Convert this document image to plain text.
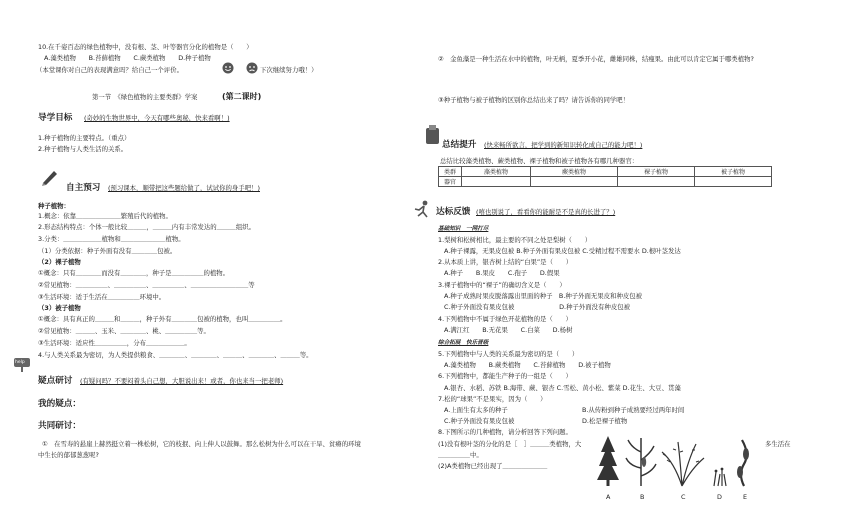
10.在千姿百态的绿色植物中，没有根、茎、叶等器官分化的植物是（　　）
A.藻类植物　　B.苔藓植物　　C.蕨类植物　　D.种子植物
（本堂课你对自己的表现满意吗？给自己一个评价。	下次继续努力哦！）
第一节　《绿色植物的主要类群》学案	(第二课时)
导学目标 (奇妙的生物世界中，今天有哪些奥秘，快来看啊！)
1.种子植物的主要特点。（重点）
2.种子植物与人类生活的关系。
自主预习 (预习课本，顺带把这些题给做了，试试你的身手吧！)
种子植物：
1.概念：依靠＿＿＿＿＿＿＿繁殖后代的植物。
2.形态结构特点：个体一般比较＿＿＿，＿＿＿内有丰常发达的＿＿＿组织。
3.分类：＿＿＿＿＿＿植物和＿＿＿＿＿＿＿植物。
（1）分类依据：种子外面有没有＿＿＿＿包被。
（2）裸子植物
①概念：只有＿＿＿＿而没有＿＿＿＿，种子是＿＿＿＿＿的植物。
②常见植物：＿＿＿＿＿、＿＿＿＿＿、＿＿＿＿＿、＿＿＿＿＿＿＿＿＿等
③生活环境：适于生活在＿＿＿＿＿环境中。
（3）被子植物
①概念：具有真正的＿＿＿和＿＿＿，种子外有＿＿＿＿包被的植物，也叫＿＿＿＿＿。
②常见植物：＿＿＿、玉米、＿＿＿＿、桃、＿＿＿＿＿等。
③生活环境：适应性＿＿＿＿＿，分布＿＿＿＿＿＿。
4.与人类关系最为密切，为人类提供粮食、＿＿＿＿、＿＿＿＿、＿＿＿、＿＿＿＿、＿＿＿等。
help
疑点研讨 (有疑问吗？不要闷着头自己想，大胆说出来！或者，你也来当一把老师)
我的疑点：
共同研讨：
①　在雪寿的悬崖上赫然挺立着一株松树，它的枝抿、向上伸人以鼓舞。那么松树为什么可以在干旱、贫瘠的环境
中生长的郁郁葱葱呢?
②　金鱼藻是一种生活在水中的植物，叶无柄，夏季开小花，雌雄同株，结瘦果。由此可以肯定它属于哪类植物?
③种子植物与被子植物的区别你总结出来了吗？请告诉你的同学吧！
总结提升 (快来畅所欲言，把学到的新知识转化成自己的能力吧！)
总结比较藻类植物、蕨类植物、裸子植物和被子植物各有哪几种器官：
类群	藻类植物	蕨类植物	裸子植物	被子植物
器官				
达标反馈 (嘻也别说了，看看你的能耐是不是真的长进了？)
基础知识　一网打尽
1.梨树和松树相比，最主要的不同之处是梨树（　　）
A.种子裸露，无果皮包被 B.种子外面有果皮包被 C.受精过程不需要水 D.根叶茎发达
2.从本质上讲，银杏树上结的“白果”是（　　）
A.种子　　B.果皮　　C.孢子　　D.假果
3.裸子植物中的“裸子”的确切含义是（　　）
A.种子成熟时果皮脱落露出里面的种子　B.种子外面无果皮和种皮包被
C.种子外面没有果皮包被　　　　　　　D.种子外面没有种皮包被
4.下列植物中不属于绿色开花植物的是（　　）
A.满江红　　B.无花果　　C.白菜　　D.杨树
综合拓展　快乐晋级
5.下列植物中与人类的关系最为密切的是（　　）
A.藻类植物　　B.蕨类植物　　C.苔藓植物　　D.被子植物
6.下列植物中，都能生产种子的一组是（　　）
A.银杏、水稻、苏铁 B.海带、蕨、银杏 C.雪松、黄小松、紫菜 D.花生、大豆、贯藻
7.松的“球果”不是果实，因为（　　）
A.上面生有太多的种子	B.从传粉到种子成熟要经过两年时间
C.种子外面没有果皮包被	D.松是裸子植物
8.下图所示的几种植物，请分析回答下列问题。
(1)没有根叶茎的分化的是［　］＿＿＿类植物，大	多生活在
＿＿＿＿＿中。
(2)A类植物已经出现了＿＿＿＿＿＿＿
A	B	C	D	E
